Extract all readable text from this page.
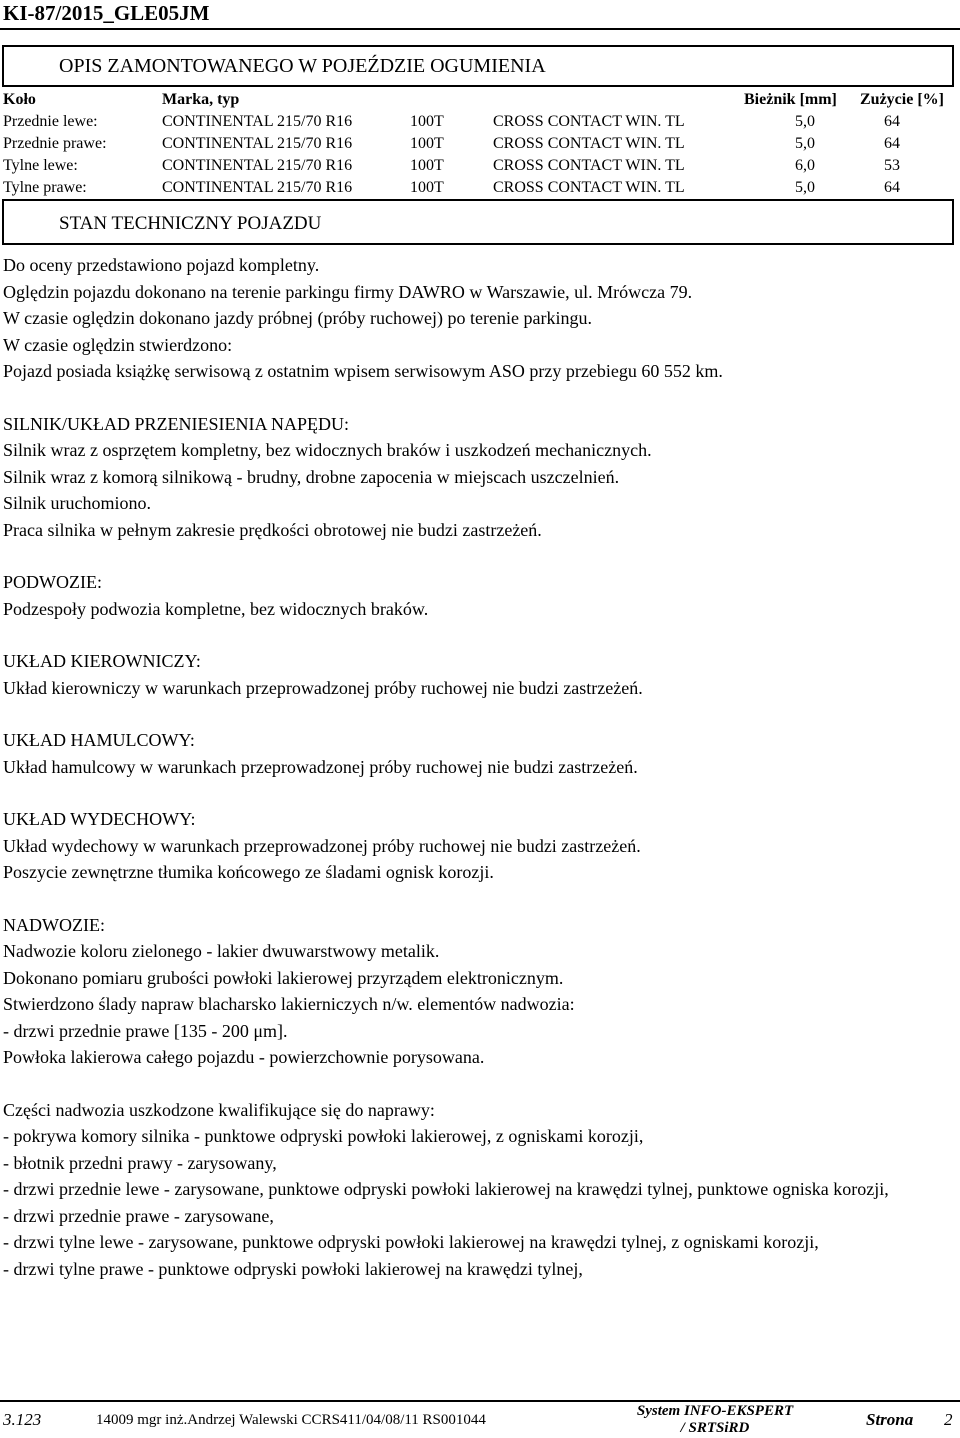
KI-87/2015_GLE05JM
OPIS ZAMONTOWANEGO W POJEŹDZIE OGUMIENIA
Koło	Marka, typ	Bieżnik [mm] Zużycie [%]
Przednie lewe:	CONTINENTAL 215/70 R16	100T	CROSS CONTACT WIN. TL	5,0	64
Przednie prawe:	CONTINENTAL 215/70 R16	100T	CROSS CONTACT WIN. TL	5,0	64
Tylne lewe:	CONTINENTAL 215/70 R16	100T	CROSS CONTACT WIN. TL	6,0	53
Tylne prawe:	CONTINENTAL 215/70 R16	100T	CROSS CONTACT WIN. TL	5,0	64
STAN TECHNICZNY POJAZDU
Do oceny przedstawiono pojazd kompletny.
Oględzin pojazdu dokonano na terenie parkingu firmy DAWRO w Warszawie, ul. Mrówcza 79.
W czasie oględzin dokonano jazdy próbnej (próby ruchowej) po terenie parkingu.
W czasie oględzin stwierdzono:
Pojazd posiada książkę serwisową z ostatnim wpisem serwisowym ASO przy przebiegu 60 552 km.
SILNIK/UKŁAD PRZENIESIENIA NAPĘDU:
Silnik wraz z osprzętem kompletny, bez widocznych braków i uszkodzeń mechanicznych.
Silnik wraz z komorą silnikową - brudny, drobne zapocenia w miejscach uszczelnień.
Silnik uruchomiono.
Praca silnika w pełnym zakresie prędkości obrotowej nie budzi zastrzeżeń.
PODWOZIE:
Podzespoły podwozia kompletne, bez widocznych braków.
UKŁAD KIEROWNICZY:
Układ kierowniczy w warunkach przeprowadzonej próby ruchowej nie budzi zastrzeżeń.
UKŁAD HAMULCOWY:
Układ hamulcowy w warunkach przeprowadzonej próby ruchowej nie budzi zastrzeżeń.
UKŁAD WYDECHOWY:
Układ wydechowy w warunkach przeprowadzonej próby ruchowej nie budzi zastrzeżeń.
Poszycie zewnętrzne tłumika końcowego ze śladami ognisk korozji.
NADWOZIE:
Nadwozie koloru zielonego - lakier dwuwarstwowy metalik.
Dokonano pomiaru grubości powłoki lakierowej przyrządem elektronicznym.
Stwierdzono ślady napraw blacharsko lakierniczych n/w. elementów nadwozia:
- drzwi przednie prawe [135 - 200 μm].
Powłoka lakierowa całego pojazdu - powierzchownie porysowana.
Części nadwozia uszkodzone kwalifikujące się do naprawy:
- pokrywa komory silnika - punktowe odpryski powłoki lakierowej, z ogniskami korozji,
- błotnik przedni prawy - zarysowany,
- drzwi przednie lewe - zarysowane, punktowe odpryski powłoki lakierowej na krawędzi tylnej, punktowe ogniska korozji,
- drzwi przednie prawe - zarysowane,
- drzwi tylne lewe - zarysowane, punktowe odpryski powłoki lakierowej na krawędzi tylnej, z ogniskami korozji,
- drzwi tylne prawe - punktowe odpryski powłoki lakierowej na krawędzi tylnej,
3.123	14009 mgr inż.Andrzej Walewski CCRS411/04/08/11 RS001044
System INFO-EKSPERT
/ SRTSiRD	Strona 2
